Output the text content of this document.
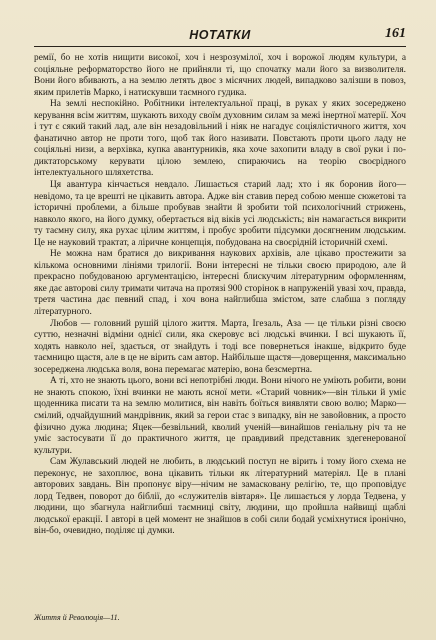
НОТАТКИ	161

ремії, бо не хотів нищити високої, хоч і незрозумілої, хоч і ворожої людям культури, а соціяльне реформаторство його не прийняли ті, що спочатку мали його за визволителя. Вони його вбивають, а на землю летять двоє з місячних людей, випадково залізши в повоз, яким прилетів Марко, і натискувши таємного гудика.

На землі неспокійно. Робітники інтелектуальної праці, в руках у яких зосереджено керування всім життям, шукають виходу своїм духовним силам за межі інертної матерії. Хоч і тут є сякий такий лад, але він незадовільний і ніяк не нагадує соціялістичного життя, хоч фанатично автор не проти того, щоб так його називати. Повстають проти цього ладу не соціяльні низи, а верхівка, купка авантурників, яка хоче захопити владу в свої руки і по-диктаторському керувати цілою землею, спираючись на теорію своєрідного інтелектуального шляхетства.

Ця авантура кінчається невдало. Лишається старий лад; хто і як боронив його—невідомо, та це врешті не цікавить автора. Адже він ставив перед собою менше сюжетові та історичні проблеми, а більше пробував знайти й зробити той психологічний стрижень, навколо якого, на його думку, обертається від віків усі людськість; він намагається викрити ту таємну силу, яка рухає цілим життям, і пробує зробити підсумки досягненим людським. Це не науковий трактат, а ліричне концепція, побудована на своєрідній історичній схемі.

Не можна нам братися до викривання наукових архівів, але цікаво простежити за кількома основними лініями трилогії. Вони інтересні не тільки своєю природою, але й прекрасно побудованою аргументацією, інтересні блискучим літературним оформленням, яке дає авторові силу тримати читача на протязі 900 сторінок в напруженій увазі хоч, правда, третя частина дає певний спад, і хоч вона найглибша змістом, зате слабша з погляду літературного.

Любов — головний рушій цілого життя. Марта, Ігезаль, Аза — це тільки різні своєю суттю, незначні відміни однієї сили, яка скеровує всі людські вчинки. І всі шукають її, ходять навколо неї, здається, от знайдуть і тоді все повернеться інакше, відкрито буде таємницю щастя, але в це не вірить сам автор. Найбільше щастя—доверщення, максимально зосереджена людська воля, вона перемагає матерію, вона безсмертна.

А ті, хто не знають цього, вони всі непотрібні люди. Вони нічого не уміють робити, вони не знають спокою, їхні вчинки не мають ясної мети. «Старий човник»—він тільки й уміє щоденника писати та на землю молитися, він навіть боїться виявляти свою волю; Марко—смілий, одчайдушний мандрівник, який за герои стає з випадку, він не завойовник, а просто фізично дужа людина; Яцек—безвільний, кволий ученій—винайшов геніальну річ та не уміє застосувати її до практичного життя, це правдивий представник здегенерованої культури.

Сам Жулавський людей не любить, в людський поступ не вірить і тому його схема не переконує, не захоплює, вона цікавить тільки як літературний матеріял. Це в плані авторових завдань. Він пропонує віру—нічим не замасковану релігію, те, що проповідує лорд Тедвен, поворот до біблії, до «служителів вівтаря». Це лишається у лорда Тедвена, у людини, що збагнула найглибші таємниці світу, людини, що пройшла найвищі щаблі людської еракції. І авторі в цей момент не знайшов в собі сили бодай усміхнутися іронічно, він-бо, очевидно, поділяє ці думки.

Життя й Революція—11.
